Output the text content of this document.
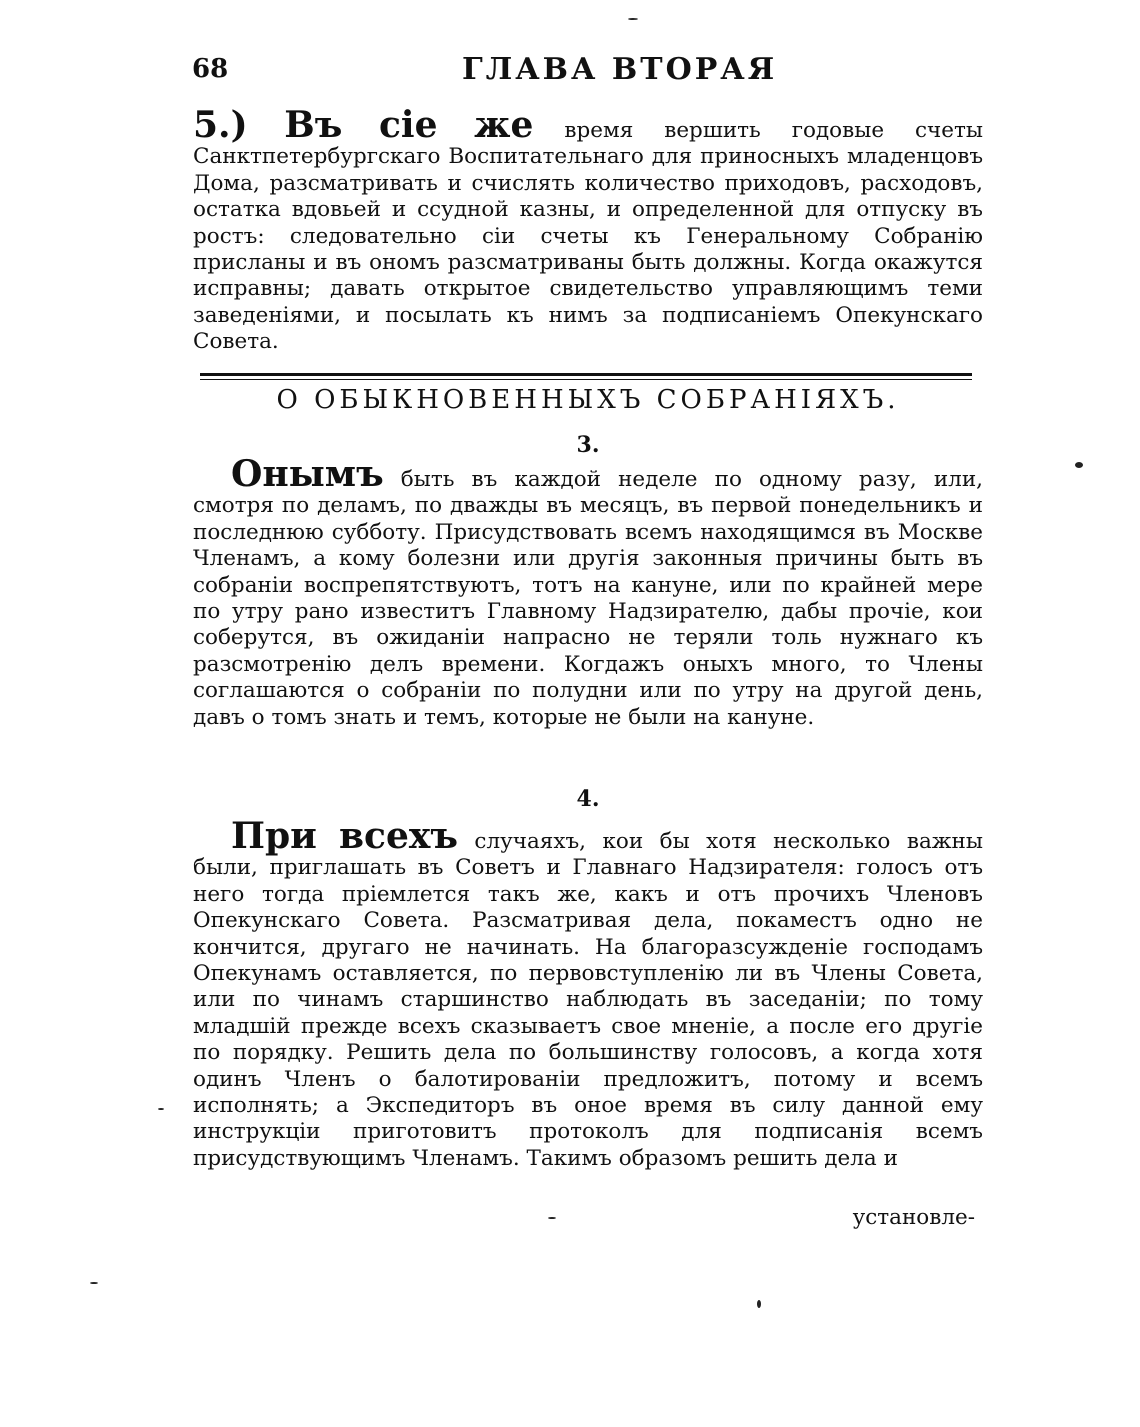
68	ГЛАВА ВТОРАЯ
5.) Въ сіе же время вершить годовые счеты Санктпетербургскаго Воспитательнаго для приносныхъ младенцовъ Дома, разсматривать и счислять количество приходовъ, расходовъ, остатка вдовьей и ссудной казны, и определенной для отпуску въ ростъ: следовательно сіи счеты къ Генеральному Собранію присланы и въ ономъ разсматриваны быть должны. Когда окажутся исправны; давать открытое свидетельство управляющимъ теми заведеніями, и посылать къ нимъ за подписаніемъ Опекунскаго Совета.
О ОБЫКНОВЕННЫХЪ СОБРАНІЯХЪ.
3.
Онымъ быть въ каждой неделе по одному разу, или, смотря по деламъ, по дважды въ месяцъ, въ первой понедельникъ и последнюю субботу. Присудствовать всемъ находящимся въ Москве Членамъ, а кому болезни или другія законныя причины быть въ собраніи воспрепятствуютъ, тотъ на кануне, или по крайней мере по утру рано известитъ Главному Надзирателю, дабы прочіе, кои соберутся, въ ожиданіи напрасно не теряли толь нужнаго къ разсмотренію делъ времени. Когдажъ оныхъ много, то Члены соглашаются о собраніи по полудни или по утру на другой день, давъ о томъ знать и темъ, которые не были на кануне.
4.
При всехъ случаяхъ, кои бы хотя несколько важны были, приглашать въ Советъ и Главнаго Надзирателя: голосъ отъ него тогда пріемлется такъ же, какъ и отъ прочихъ Членовъ Опекунскаго Совета. Разсматривая дела, покаместъ одно не кончится, другаго не начинать. На благоразсужденіе господамъ Опекунамъ оставляется, по первовступленію ли въ Члены Совета, или по чинамъ старшинство наблюдать въ заседаніи; по тому младшій прежде всехъ сказываетъ свое мненіе, а после его другіе по порядку. Решить дела по большинству голосовъ, а когда хотя одинъ Членъ о балотированіи предложитъ, потому и всемъ исполнять; а Экспедиторъ въ оное время въ силу данной ему инструкціи приготовитъ протоколъ для подписанія всемъ присудствующимъ Членамъ. Такимъ образомъ решить дела и
установле-
